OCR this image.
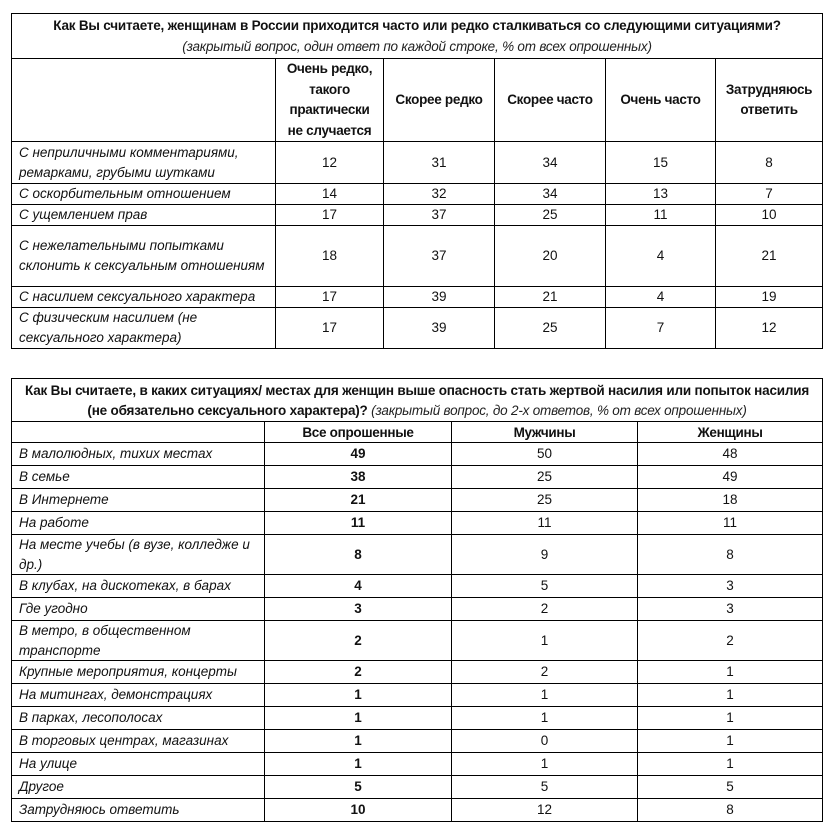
Как Вы считаете, женщинам в России приходится часто или редко сталкиваться со следующими ситуациями?
(закрытый вопрос, один ответ по каждой строке, % от всех опрошенных)					

	Очень редко, такого практически не случается	Скорее редко	Скорее часто	Очень часто	Затрудняюсь ответить
С неприличными комментариями, ремарками, грубыми шутками	12	31	34	15	8
С оскорбительным отношением	14	32	34	13	7
С ущемлением прав	17	37	25	11	10
С нежелательными попытками склонить к сексуальным отношениям	18	37	20	4	21
С насилием сексуального характера	17	39	21	4	19
С физическим насилием (не сексуального характера)	17	39	25	7	12
Как Вы считаете, в каких ситуациях/ местах для женщин выше опасность стать жертвой насилия или попыток насилия (не обязательно сексуального характера)? (закрытый вопрос, до 2-х ответов, % от всех опрошенных)			
	Все опрошенные	Мужчины	Женщины
В малолюдных, тихих местах	49	50	48
В семье	38	25	49
В Интернете	21	25	18
На работе	11	11	11
На месте учебы (в вузе, колледже и др.)	8	9	8
В клубах, на дискотеках, в барах	4	5	3
Где угодно	3	2	3
В метро, в общественном транспорте	2	1	2
Крупные мероприятия, концерты	2	2	1
На митингах, демонстрациях	1	1	1
В парках, лесополосах	1	1	1
В торговых центрах, магазинах	1	0	1
На улице	1	1	1
Другое	5	5	5
Затрудняюсь ответить	10	12	8
